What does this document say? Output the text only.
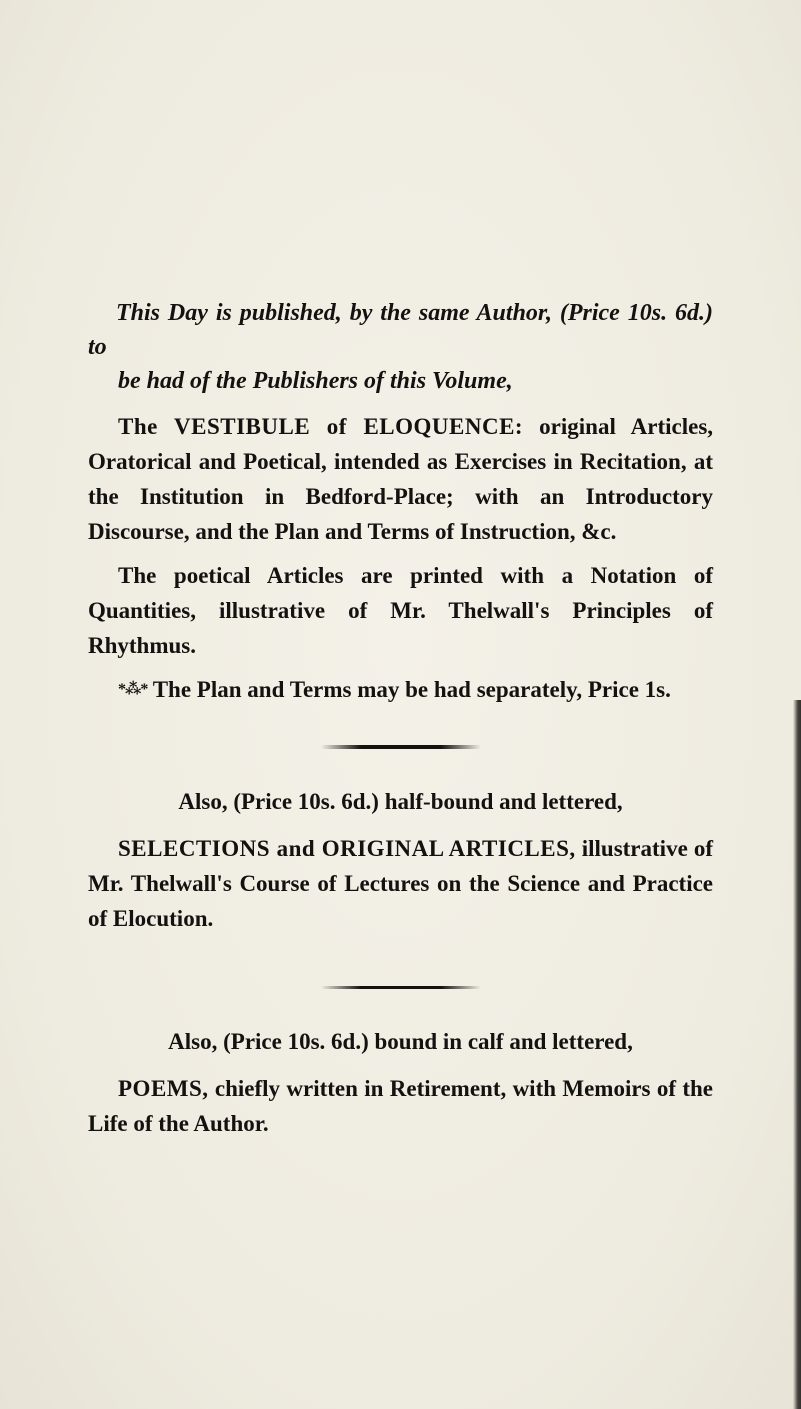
This Day is published, by the same Author, (Price 10s. 6d.) to
be had of the Publishers of this Volume,

The VESTIBULE of ELOQUENCE: original Articles, Oratorical and Poetical, intended as Exercises in Recitation, at the Institution in Bedford-Place; with an Introductory Discourse, and the Plan and Terms of Instruction, &c.

The poetical Articles are printed with a Notation of Quantities, illustrative of Mr. Thelwall's Principles of Rhythmus.

*⁂* The Plan and Terms may be had separately, Price 1s.

Also, (Price 10s. 6d.) half-bound and lettered,

SELECTIONS and ORIGINAL ARTICLES, illustrative of Mr. Thelwall's Course of Lectures on the Science and Practice of Elocution.

Also, (Price 10s. 6d.) bound in calf and lettered,

POEMS, chiefly written in Retirement, with Memoirs of the Life of the Author.
